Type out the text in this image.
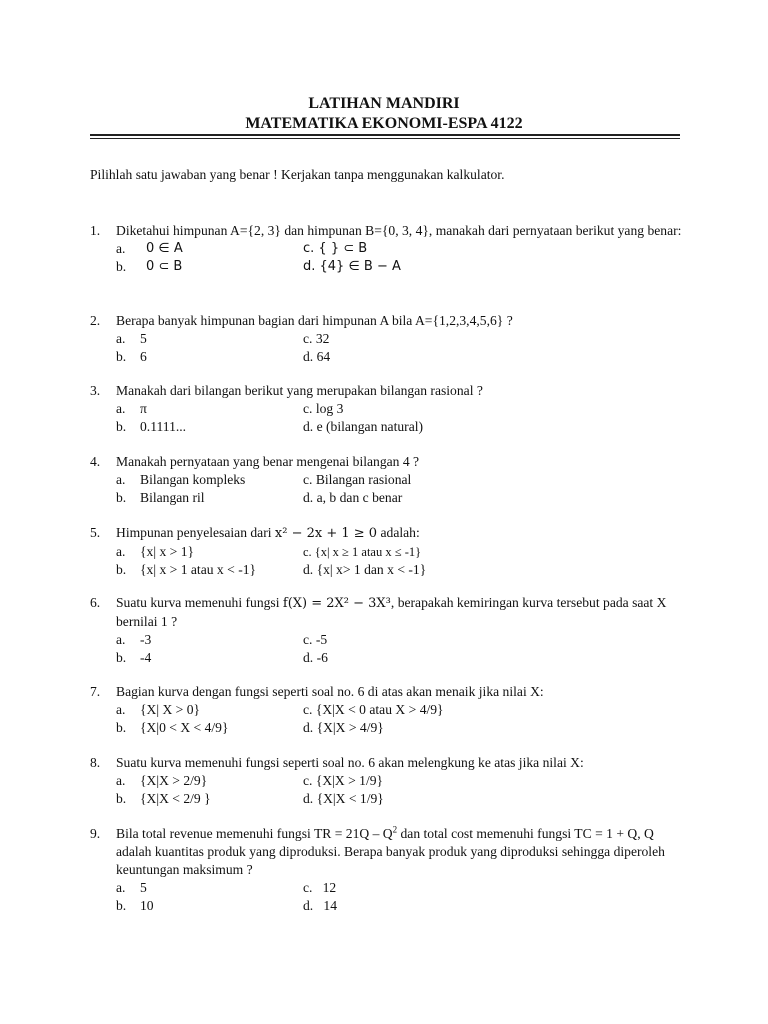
LATIHAN MANDIRI
MATEMATIKA EKONOMI-ESPA 4122
Pilihlah satu jawaban yang benar ! Kerjakan tanpa menggunakan kalkulator.
1. Diketahui himpunan A={2, 3} dan himpunan B={0, 3, 4}, manakah dari pernyataan berikut yang benar:
a. 0 ∈ A	c. { } ⊂ B
b. 0 ⊂ B	d. {4} ∈ B − A
2. Berapa banyak himpunan bagian dari himpunan A bila A={1,2,3,4,5,6} ?
a. 5	c. 32
b. 6	d. 64
3. Manakah dari bilangan berikut yang merupakan bilangan rasional ?
a. π	c. log 3
b. 0.1111...	d. e (bilangan natural)
4. Manakah pernyataan yang benar mengenai bilangan 4 ?
a. Bilangan kompleks	c. Bilangan rasional
b. Bilangan ril	d. a, b dan c benar
5. Himpunan penyelesaian dari x² − 2x + 1 ≥ 0 adalah:
a. {x| x > 1}	c. {x| x ≥ 1 atau x ≤ -1}
b. {x| x > 1 atau x < -1}	d. {x| x> 1 dan x < -1}
6. Suatu kurva memenuhi fungsi f(X) = 2X² − 3X³, berapakah kemiringan kurva tersebut pada saat X bernilai 1 ?
a. -3	c. -5
b. -4	d. -6
7. Bagian kurva dengan fungsi seperti soal no. 6 di atas akan menaik jika nilai X:
a. {X| X > 0}	c. {X|X < 0 atau X > 4/9}
b. {X|0 < X < 4/9}	d. {X|X > 4/9}
8. Suatu kurva memenuhi fungsi seperti soal no. 6 akan melengkung ke atas jika nilai X:
a. {X|X > 2/9}	c. {X|X > 1/9}
b. {X|X < 2/9 }	d. {X|X < 1/9}
9. Bila total revenue memenuhi fungsi TR = $21Q - Q^2$ dan total cost memenuhi fungsi TC = 1 + Q, Q adalah kuantitas produk yang diproduksi. Berapa banyak produk yang diproduksi sehingga diperoleh keuntungan maksimum ?
a. 5	c.   12
b. 10	d.   14
